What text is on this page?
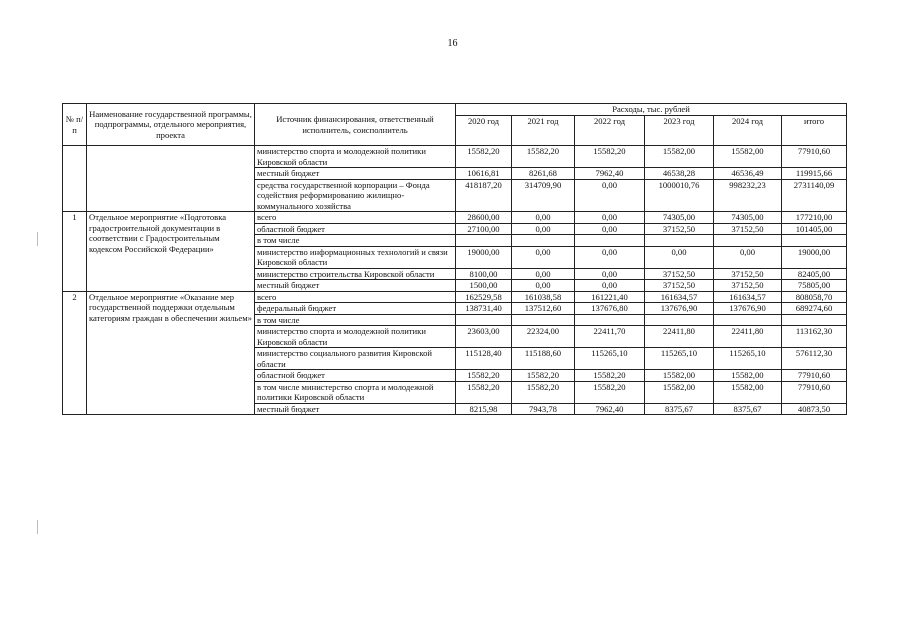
16
№ п/п	Наименование государственной программы, подпрограммы, отдельного мероприятия, проекта	Источник финансирования, ответственный исполнитель, соисполнитель	Расходы, тыс. рублей					
			2020 год	2021 год	2022 год	2023 год	2024 год	итого
		министерство спорта и молодежной политики Кировской области	15582,20	15582,20	15582,20	15582,00	15582,00	77910,60
		местный бюджет	10616,81	8261,68	7962,40	46538,28	46536,49	119915,66
		средства государственной корпорации – Фонда содействия реформированию жилищно-коммунального хозяйства	418187,20	314709,90	0,00	1000010,76	998232,23	2731140,09
1	Отдельное мероприятие «Подготовка градостроительной документации в соответствии с Градостроительным кодексом Российской Федерации»	всего	28600,00	0,00	0,00	74305,00	74305,00	177210,00
		областной бюджет	27100,00	0,00	0,00	37152,50	37152,50	101405,00
		в том числе						
		министерство информационных технологий и связи Кировской области	19000,00	0,00	0,00	0,00	0,00	19000,00
		министерство строительства Кировской области	8100,00	0,00	0,00	37152,50	37152,50	82405,00
		местный бюджет	1500,00	0,00	0,00	37152,50	37152,50	75805,00
2	Отдельное мероприятие «Оказание мер государственной поддержки отдельным категориям граждан в обеспечении жильем»	всего	162529,58	161038,58	161221,40	161634,57	161634,57	808058,70
		федеральный бюджет	138731,40	137512,60	137676,80	137676,90	137676,90	689274,60
		в том числе						
		министерство спорта и молодежной политики Кировской области	23603,00	22324,00	22411,70	22411,80	22411,80	113162,30
		министерство социального развития Кировской области	115128,40	115188,60	115265,10	115265,10	115265,10	576112,30
		областной бюджет	15582,20	15582,20	15582,20	15582,00	15582,00	77910,60
		в том числе министерство спорта и молодежной политики Кировской области	15582,20	15582,20	15582,20	15582,00	15582,00	77910,60
		местный бюджет	8215,98	7943,78	7962,40	8375,67	8375,67	40873,50
